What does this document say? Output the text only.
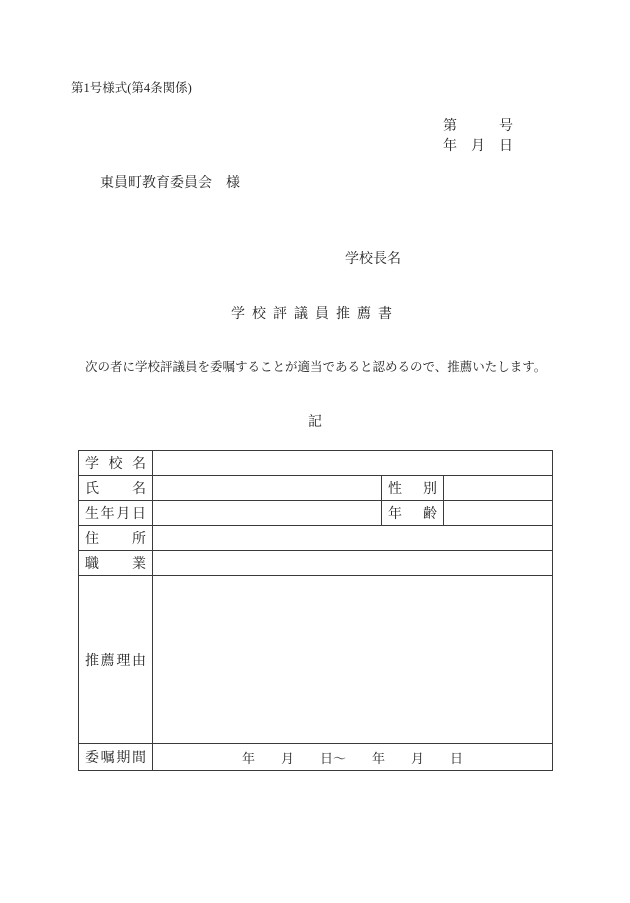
第1号様式(第4条関係)
第　　　号
年　月　日
東員町教育委員会　様
学校長名
学校評議員推薦書
次の者に学校評議員を委嘱することが適当であると認めるので、推薦いたします。
記
学校名			
氏名		性別	
生年月日		年齢	
住所			
職業			
推薦理由			
委嘱期間	年　　月　　日～　　年　　月　　日		
